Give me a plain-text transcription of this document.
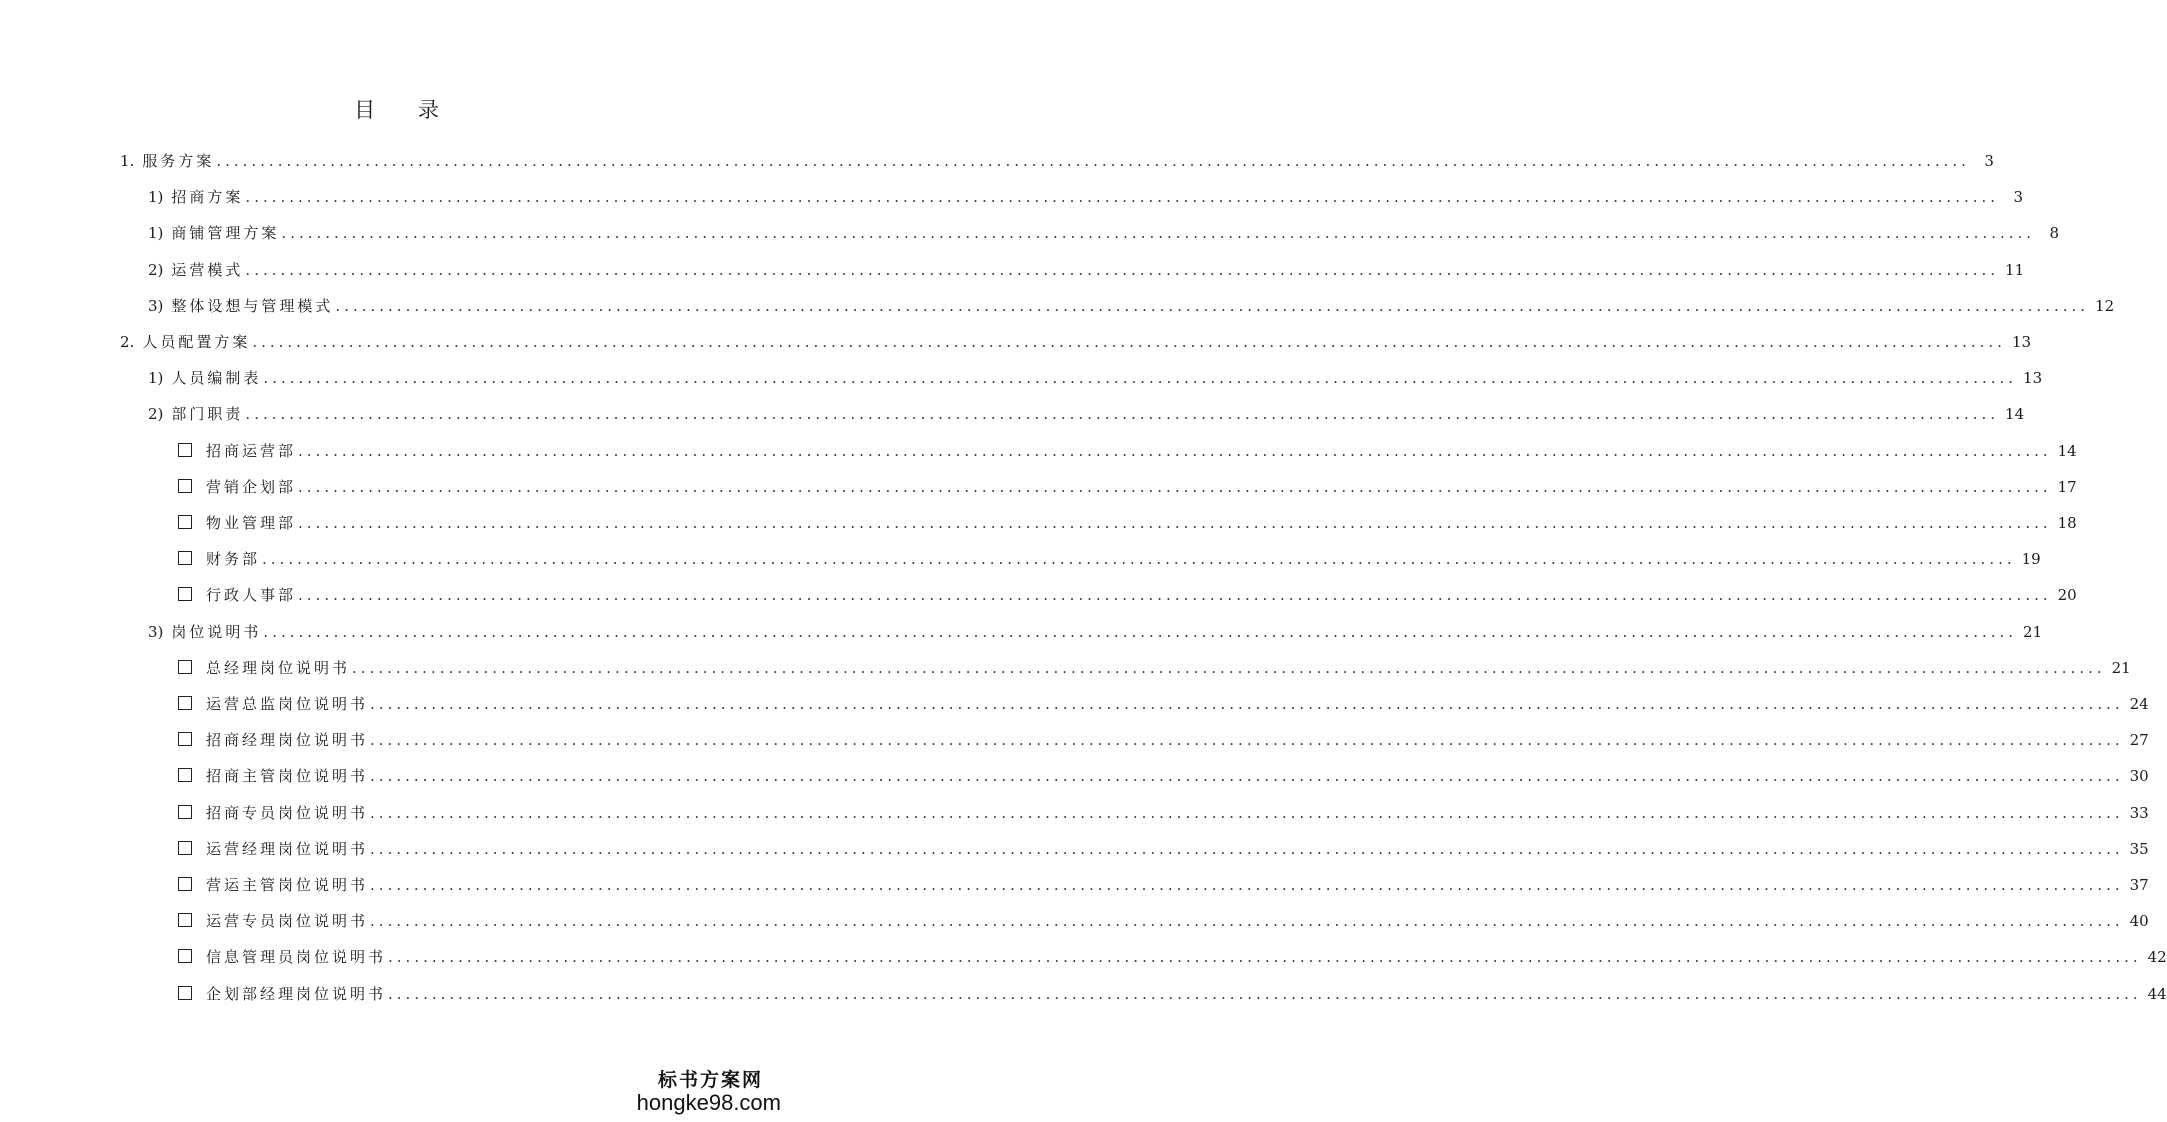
目 录
1. 服务方案 ........................................................................................................................................................................................................ 3
1) 招商方案 ........................................................................................................................................................................................................ 3
1) 商铺管理方案 ........................................................................................................................................................................................................ 8
2) 运营模式 ........................................................................................................................................................................................................ 11
3) 整体设想与管理模式 ........................................................................................................................................................................................................ 12
2. 人员配置方案 ........................................................................................................................................................................................................ 13
1) 人员编制表 ........................................................................................................................................................................................................ 13
2) 部门职责 ........................................................................................................................................................................................................ 14
招商运营部 ........................................................................................................................................................................................................ 14
营销企划部 ........................................................................................................................................................................................................ 17
物业管理部 ........................................................................................................................................................................................................ 18
财务部 ........................................................................................................................................................................................................ 19
行政人事部 ........................................................................................................................................................................................................ 20
3) 岗位说明书 ........................................................................................................................................................................................................ 21
总经理岗位说明书 ........................................................................................................................................................................................................ 21
运营总监岗位说明书 ........................................................................................................................................................................................................ 24
招商经理岗位说明书 ........................................................................................................................................................................................................ 27
招商主管岗位说明书 ........................................................................................................................................................................................................ 30
招商专员岗位说明书 ........................................................................................................................................................................................................ 33
运营经理岗位说明书 ........................................................................................................................................................................................................ 35
营运主管岗位说明书 ........................................................................................................................................................................................................ 37
运营专员岗位说明书 ........................................................................................................................................................................................................ 40
信息管理员岗位说明书 ........................................................................................................................................................................................................ 42
企划部经理岗位说明书 ........................................................................................................................................................................................................ 44
标书方案网
hongke98.com
